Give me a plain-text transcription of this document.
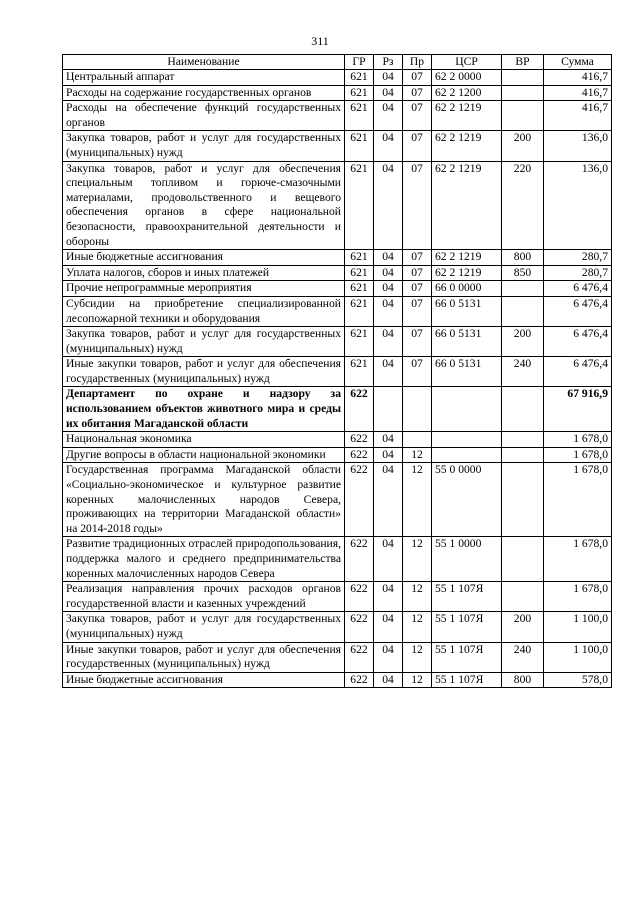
311
Наименование	ГР	Рз	Пр	ЦСР	ВР	Сумма
Центральный аппарат	621	04	07	62 2 0000		416,7
Расходы на содержание государственных органов	621	04	07	62 2 1200		416,7
Расходы на обеспечение функций государственных органов	621	04	07	62 2 1219		416,7
Закупка товаров, работ и услуг для государственных (муниципальных) нужд	621	04	07	62 2 1219	200	136,0
Закупка товаров, работ и услуг для обеспечения специальным топливом и горюче-смазочными материалами, продовольственного и вещевого обеспечения органов в сфере национальной безопасности, правоохранительной деятельности и обороны	621	04	07	62 2 1219	220	136,0
Иные бюджетные ассигнования	621	04	07	62 2 1219	800	280,7
Уплата налогов, сборов и иных платежей	621	04	07	62 2 1219	850	280,7
Прочие непрограммные мероприятия	621	04	07	66 0 0000		6 476,4
Субсидии на приобретение специализированной лесопожарной техники и оборудования	621	04	07	66 0 5131		6 476,4
Закупка товаров, работ и услуг для государственных (муниципальных) нужд	621	04	07	66 0 5131	200	6 476,4
Иные закупки товаров, работ и услуг для обеспечения государственных (муниципальных) нужд	621	04	07	66 0 5131	240	6 476,4
Департамент по охране и надзору за использованием объектов животного мира и среды их обитания Магаданской области	622					67 916,9
Национальная экономика	622	04				1 678,0
Другие вопросы в области национальной экономики	622	04	12			1 678,0
Государственная программа Магаданской области «Социально-экономическое и культурное развитие коренных малочисленных народов Севера, проживающих на территории Магаданской области» на 2014-2018 годы»	622	04	12	55 0 0000		1 678,0
Развитие традиционных отраслей природопользования, поддержка малого и среднего предпринимательства коренных малочисленных народов Севера	622	04	12	55 1 0000		1 678,0
Реализация направления прочих расходов органов государственной власти и казенных учреждений	622	04	12	55 1 107Я		1 678,0
Закупка товаров, работ и услуг для государственных (муниципальных) нужд	622	04	12	55 1 107Я	200	1 100,0
Иные закупки товаров, работ и услуг для обеспечения государственных (муниципальных) нужд	622	04	12	55 1 107Я	240	1 100,0
Иные бюджетные ассигнования	622	04	12	55 1 107Я	800	578,0
